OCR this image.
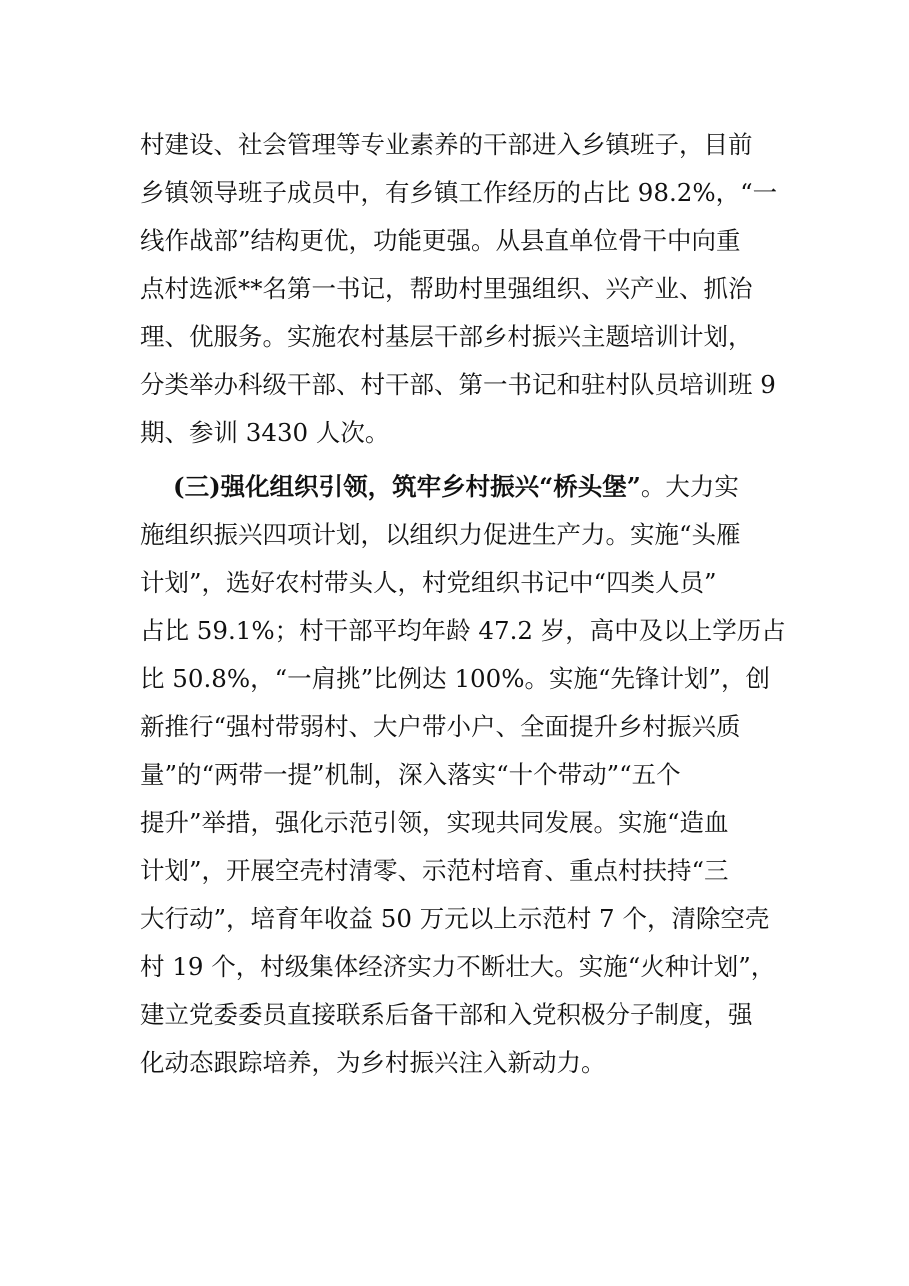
村建设、社会管理等专业素养的干部进入乡镇班子，目前
乡镇领导班子成员中，有乡镇工作经历的占比 98.2%，“一
线作战部”结构更优，功能更强。从县直单位骨干中向重
点村选派**名第一书记，帮助村里强组织、兴产业、抓治
理、优服务。实施农村基层干部乡村振兴主题培训计划，
分类举办科级干部、村干部、第一书记和驻村队员培训班 9
期、参训 3430 人次。
(三)强化组织引领，筑牢乡村振兴“桥头堡”。大力实
施组织振兴四项计划，以组织力促进生产力。实施“头雁
计划”，选好农村带头人，村党组织书记中“四类人员”
占比 59.1%；村干部平均年龄 47.2 岁，高中及以上学历占
比 50.8%，“一肩挑”比例达 100%。实施“先锋计划”，创
新推行“强村带弱村、大户带小户、全面提升乡村振兴质
量”的“两带一提”机制，深入落实“十个带动”“五个
提升”举措，强化示范引领，实现共同发展。实施“造血
计划”，开展空壳村清零、示范村培育、重点村扶持“三
大行动”，培育年收益 50 万元以上示范村 7 个，清除空壳
村 19 个，村级集体经济实力不断壮大。实施“火种计划”，
建立党委委员直接联系后备干部和入党积极分子制度，强
化动态跟踪培养，为乡村振兴注入新动力。
